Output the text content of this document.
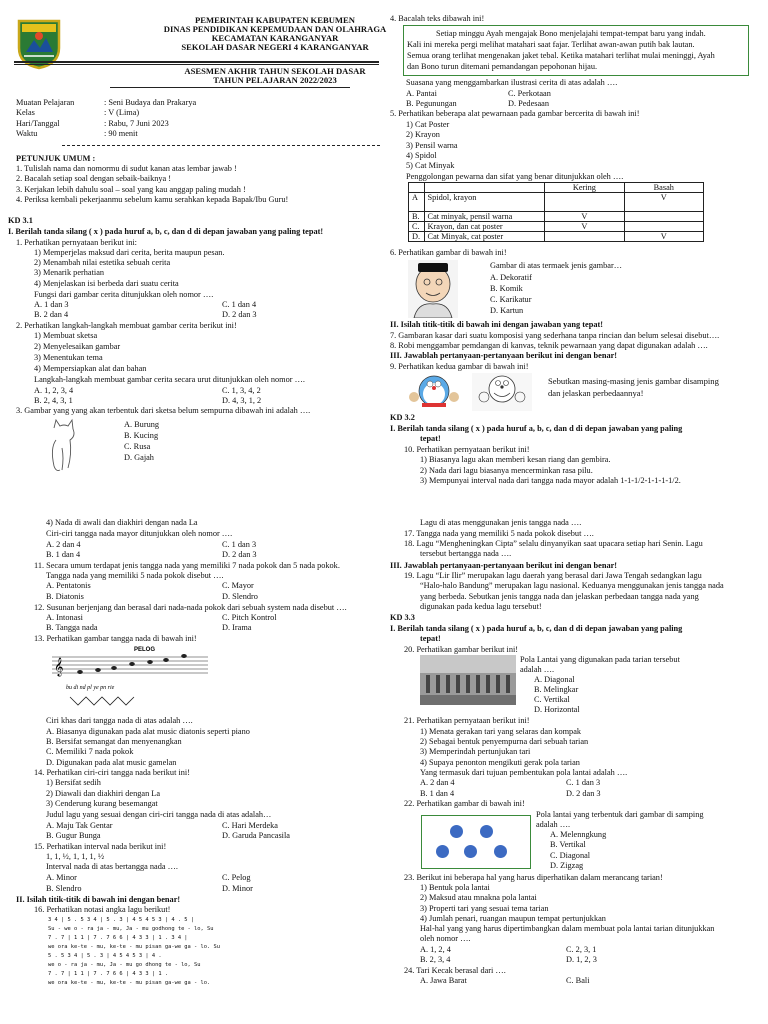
PEMERINTAH KABUPATEN KEBUMEN
DINAS PENDIDIKAN KEPEMUDAAN DAN OLAHRAGA
KECAMATAN KARANGANYAR
SEKOLAH DASAR NEGERI 4 KARANGANYAR
ASESMEN AKHIR TAHUN SEKOLAH DASAR
TAHUN PELAJARAN 2022/2023
Muatan Pelajaran	: Seni Budaya dan Prakarya
Kelas	: V (Lima)
Hari/Tanggal	: Rabu, 7 Juni 2023
Waktu	: 90 menit
PETUNJUK UMUM :
1. Tulislah nama dan nomormu di sudut kanan atas lembar jawab !
2. Bacalah setiap soal dengan sebaik-baiknya !
3. Kerjakan lebih dahulu soal – soal yang kau anggap paling mudah !
4. Periksa kembali pekerjaanmu sebelum kamu serahkan kepada Bapak/Ibu Guru!
KD 3.1
I. Berilah tanda silang ( x ) pada huruf a, b, c, dan d di depan jawaban yang paling tepat!
1. Perhatikan pernyataan berikut ini:
1) Memperjelas maksud dari cerita, berita maupun pesan.
2) Menambah nilai estetika sebuah cerita
3) Menarik perhatian
4) Menjelaskan isi berbeda dari suatu cerita
Fungsi dari gambar cerita ditunjukkan oleh nomor ….
A. 1 dan 3
B. 2 dan 4
C. 1 dan 4
D. 2 dan 3
2. Perhatikan langkah-langkah membuat gambar cerita berikut ini!
1) Membuat sketsa
2) Menyelesaikan gambar
3) Menentukan tema
4) Mempersiapkan alat dan bahan
Langkah-langkah membuat gambar cerita secara urut ditunjukkan oleh nomor ….
A. 1, 2, 3, 4
B. 2, 4, 3, 1
C. 1, 3, 4, 2
D. 4, 3, 1, 2
3. Gambar yang yang akan terbentuk dari sketsa belum sempurna dibawah ini adalah ….
A. Burung
B. Kucing
C. Rusa
D. Gajah
4) Nada di awali dan diakhiri dengan nada La
Ciri-ciri tangga nada mayor ditunjukkan oleh nomor ….
A. 2 dan 4
B. 1 dan 4
C. 1 dan 3
D. 2 dan 3
11. Secara umum terdapat jenis tangga nada yang memiliki 7 nada pokok dan 5 nada pokok.
Tangga nada yang memiliki 5 nada pokok disebut ….
A. Pentatonis
B. Diatonis
C. Mayor
D. Slendro
12. Susunan berjenjang dan berasal dari nada-nada pokok dari sebuah system nada disebut ….
A. Intonasi
B. Tangga nada
C. Pitch Kontrol
D. Irama
13. Perhatikan gambar tangga nada di bawah ini!
PELOG
𝄞
bu di nd pl ye pn rie
Ciri khas dari tangga nada di atas adalah ….
A. Biasanya digunakan pada alat music diatonis seperti piano
B. Bersifat semangat dan menyenangkan
C. Memiliki 7 nada pokok
D. Digunakan pada alat music gamelan
14. Perhatikan ciri-ciri tangga nada berikut ini!
1) Bersifat sedih
2) Diawali dan diakhiri dengan La
3) Cenderung kurang besemangat
Judul lagu yang sesuai dengan ciri-ciri tangga nada di atas adalah…
A. Maju Tak Gentar
B. Gugur Bunga
C. Hari Merdeka
D. Garuda Pancasila
15. Perhatikan interval nada berikut ini!
1, 1, ½, 1, 1, 1, ½
Interval nada di atas bertangga nada ….
A. Minor
B. Slendro
C. Pelog
D. Minor
II. Isilah titik-titik di bawah ini dengan benar!
16. Perhatikan notasi angka lagu berikut!
3 4 | 5 . 5 3 4 | 5 . 3 | 4 5 4 5 3 | 4 . 5 |
Su - we o - ra ja - mu, Ja - mu godhong te - lo, Su
7 . 7 | 1 1 | 7 . 7 6 6 | 4 3 3 | 1 . 3 4 |
we ora ke-te - mu, ke-te - mu pisan ga-we ga - lo. Su
5 . 5 3 4 | 5 . 3 | 4 5 4 5 3 | 4 .
we o - ra ja - mu, Ja - mu go dhong te - lo, Su
7 . 7 | 1 1 | 7 . 7 6 6 | 4 3 3 | 1 .
we ora ke-te - mu, ke-te - mu pisan ga-we ga - lo.
4. Bacalah teks dibawah ini!
Setiap minggu Ayah mengajak Bono menjelajahi tempat-tempat baru yang indah.
Kali ini mereka pergi melihat matahari saat fajar. Terlihat awan-awan putih bak lautan.
Semua orang terlihat mengenakan jaket tebal. Ketika matahari terlihat mulai meninggi, Ayah
dan Bono turun ditemani pemandangan pepohonan hijau.
Suasana yang menggambarkan ilustrasi cerita di atas adalah ….
A. Pantai
B. Pegunungan
C. Perkotaan
D. Pedesaan
5. Perhatikan beberapa alat pewarnaan pada gambar bercerita di bawah ini!
1) Cat Poster
2) Krayon
3) Pensil warna
4) Spidol
5) Cat Minyak
Penggolongan pewarna dan sifat yang benar ditunjukkan oleh ….
		Kering	Basah
A	Spidol, krayon		V
B.	Cat minyak, pensil warna	V	
C.	Krayon, dan cat poster	V	
D.	Cat Minyak, cat poster		V
6. Perhatikan gambar di bawah ini!
Gambar di atas termaek jenis gambar…
A. Dekoratif
B. Komik
C. Karikatur
D. Kartun
II. Isilah titik-titik di bawah ini dengan jawaban yang tepat!
7. Gambaran kasar dari suatu komposisi yang sederhana tanpa rincian dan belum selesai disebut….
8. Robi menggambar pemdangan di kanvas, teknik pewarnaan yang dapat digunakan adalah ….
III. Jawablah pertanyaan-pertanyaan berikut ini dengan benar!
9. Perhatikan kedua gambar di bawah ini!
Sebutkan masing-masing jenis gambar disamping
dan jelaskan perbedaannya!
KD 3.2
I. Berilah tanda silang ( x ) pada huruf a, b, c, dan d di depan jawaban yang paling
tepat!
10. Perhatikan pernyataan berikut ini!
1) Biasanya lagu akan memberi kesan riang dan gembira.
2) Nada dari lagu biasanya mencerminkan rasa pilu.
3) Mempunyai interval nada dari tangga nada mayor adalah 1-1-1/2-1-1-1-1/2.
Lagu di atas menggunakan jenis tangga nada ….
17. Tangga nada yang memiliki 5 nada pokok disebut ….
18. Lagu “Mengheningkan Cipta” selalu dinyanyikan saat upacara setiap hari Senin. Lagu
tersebut bertangga nada ….
III. Jawablah pertanyaan-pertanyaan berikut ini dengan benar!
19. Lagu “Lir Ilir” merupakan lagu daerah yang berasal dari Jawa Tengah sedangkan lagu
“Halo-halo Bandung” merupakan lagu nasional. Keduanya menggunakan jenis tangga nada
yang berbeda. Sebutkan jenis tangga nada dan jelaskan perbedaan tangga nada yang
digunakan pada kedua lagu tersebut!
KD 3.3
I. Berilah tanda silang ( x ) pada huruf a, b, c, dan d di depan jawaban yang paling
tepat!
20. Perhatikan gambar berikut ini!
Pola Lantai yang digunakan pada tarian tersebut
adalah ….
A. Diagonal
B. Melingkar
C. Vertikal
D. Horizontal
21. Perhatikan pernyataan berikut ini!
1) Menata gerakan tari yang selaras dan kompak
2) Sebagai bentuk penyempurna dari sebuah tarian
3) Memperindah pertunjukan tari
4) Supaya penonton mengikuti gerak pola tarian
Yang termasuk dari tujuan pembentukan pola lantai adalah ….
A. 2 dan 4
B. 1 dan 4
C. 1 dan 3
D. 2 dan 3
22. Perhatikan gambar di bawah ini!
Pola lantai yang terbentuk dari gambar di samping
adalah ….
A. Melenngkung
B. Vertikal
C. Diagonal
D. Zigzag
23. Berikut ini beberapa hal yang harus diperhatikan dalam merancang tarian!
1) Bentuk pola lantai
2) Maksud atau mnakna pola lantai
3) Properti tari yang sesuai tema tarian
4) Jumlah penari, ruangan maupun tempat pertunjukkan
Hal-hal yang yang harus dipertimbangkan dalam membuat pola lantai tarian ditunjukkan
oleh nomor ….
A. 1, 2, 4
B. 2, 3, 4
C. 2, 3, 1
D. 1, 2, 3
24. Tari Kecak berasal dari ….
A. Jawa Barat	C. Bali
